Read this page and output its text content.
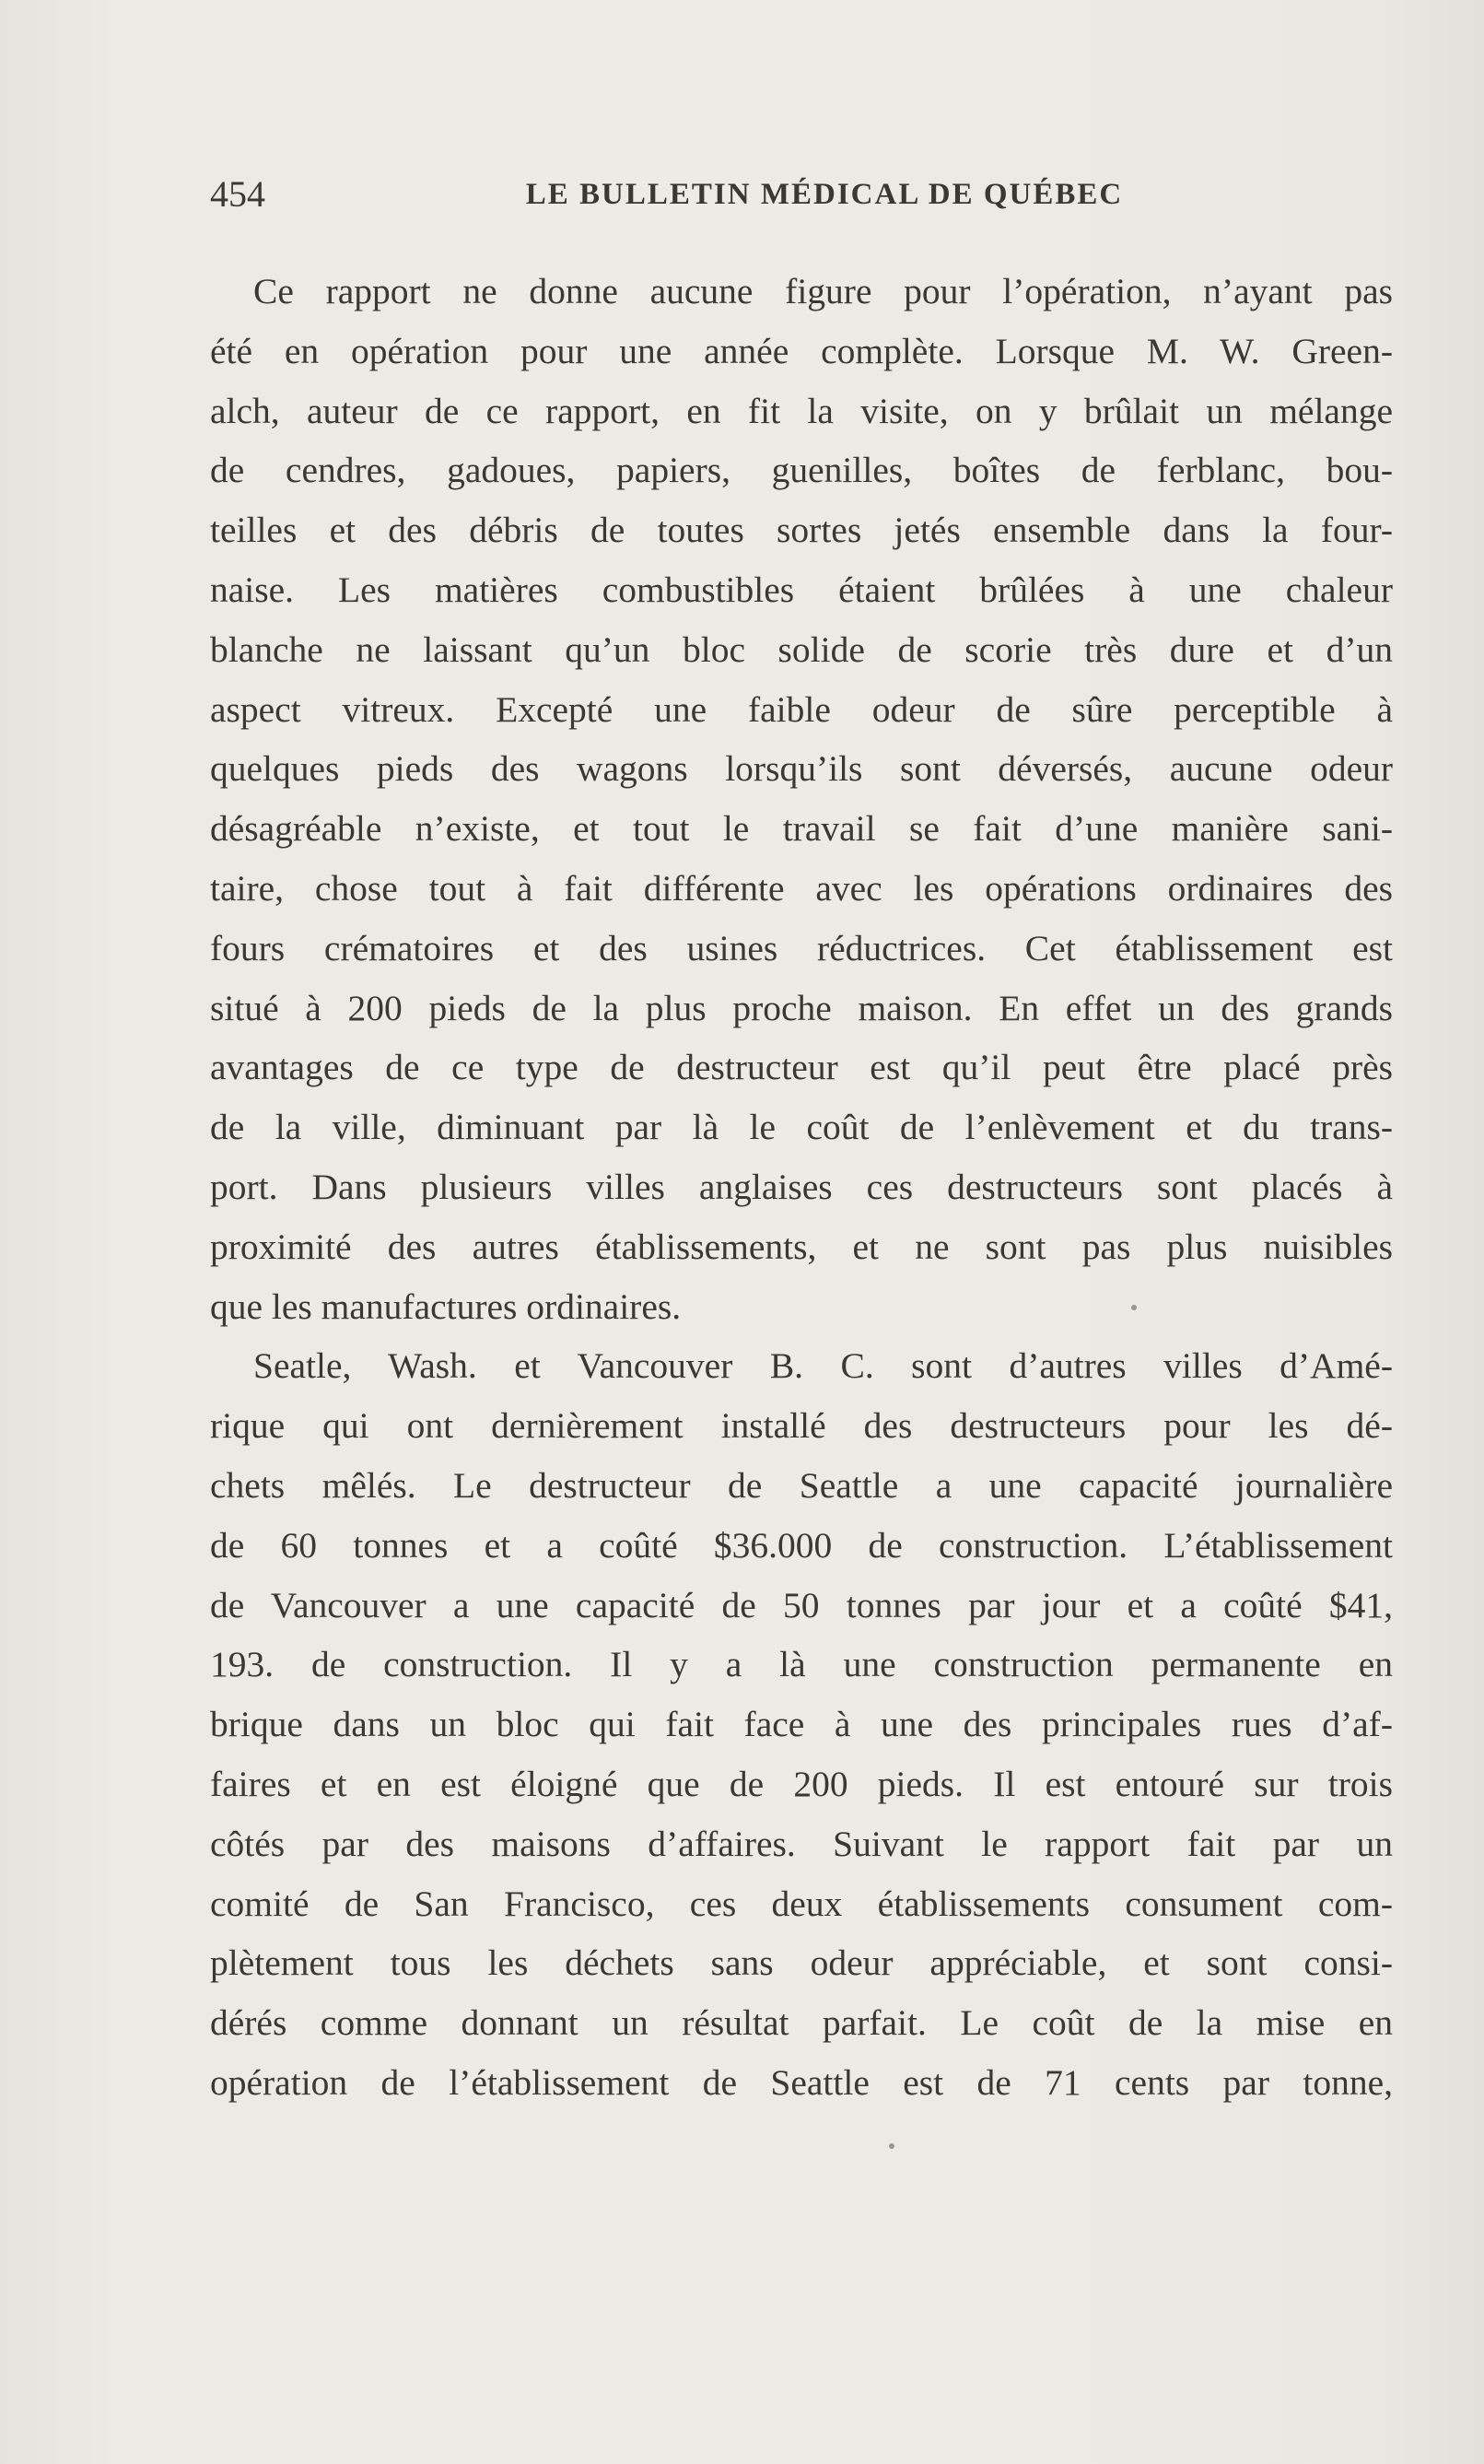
454	LE BULLETIN MÉDICAL DE QUÉBEC

Ce rapport ne donne aucune figure pour l’opération, n’ayant pas
été en opération pour une année complète. Lorsque M. W. Green-
alch, auteur de ce rapport, en fit la visite, on y brûlait un mélange
de cendres, gadoues, papiers, guenilles, boîtes de ferblanc, bou-
teilles et des débris de toutes sortes jetés ensemble dans la four-
naise. Les matières combustibles étaient brûlées à une chaleur
blanche ne laissant qu’un bloc solide de scorie très dure et d’un
aspect vitreux. Excepté une faible odeur de sûre perceptible à
quelques pieds des wagons lorsqu’ils sont déversés, aucune odeur
désagréable n’existe, et tout le travail se fait d’une manière sani-
taire, chose tout à fait différente avec les opérations ordinaires des
fours crématoires et des usines réductrices. Cet établissement est
situé à 200 pieds de la plus proche maison. En effet un des grands
avantages de ce type de destructeur est qu’il peut être placé près
de la ville, diminuant par là le coût de l’enlèvement et du trans-
port. Dans plusieurs villes anglaises ces destructeurs sont placés à
proximité des autres établissements, et ne sont pas plus nuisibles
que les manufactures ordinaires.

Seatle, Wash. et Vancouver B. C. sont d’autres villes d’Amé-
rique qui ont dernièrement installé des destructeurs pour les dé-
chets mêlés. Le destructeur de Seattle a une capacité journalière
de 60 tonnes et a coûté $36.000 de construction. L’établissement
de Vancouver a une capacité de 50 tonnes par jour et a coûté $41,
193. de construction. Il y a là une construction permanente en
brique dans un bloc qui fait face à une des principales rues d’af-
faires et en est éloigné que de 200 pieds. Il est entouré sur trois
côtés par des maisons d’affaires. Suivant le rapport fait par un
comité de San Francisco, ces deux établissements consument com-
plètement tous les déchets sans odeur appréciable, et sont consi-
dérés comme donnant un résultat parfait. Le coût de la mise en
opération de l’établissement de Seattle est de 71 cents par tonne,
